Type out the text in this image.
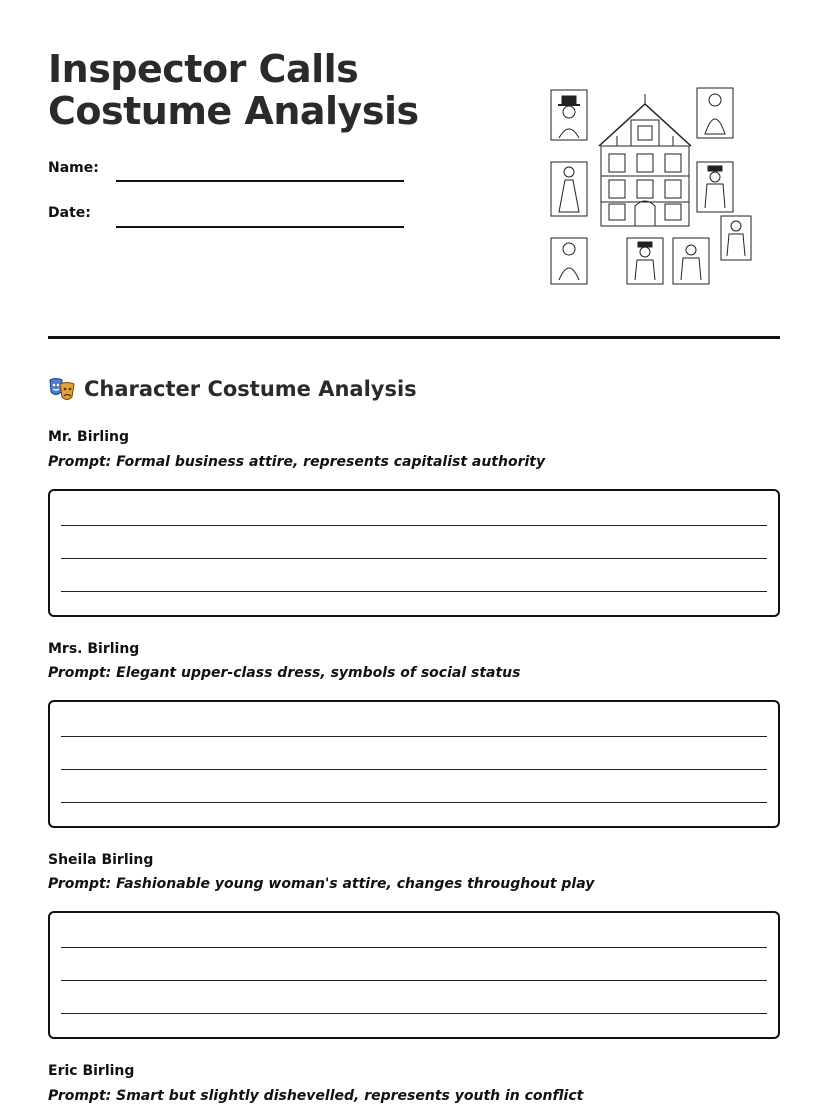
Inspector Calls Costume Analysis
Name:
Date:
Character Costume Analysis
Mr. Birling
Prompt: Formal business attire, represents capitalist authority
Mrs. Birling
Prompt: Elegant upper-class dress, symbols of social status
Sheila Birling
Prompt: Fashionable young woman's attire, changes throughout play
Eric Birling
Prompt: Smart but slightly dishevelled, represents youth in conflict
